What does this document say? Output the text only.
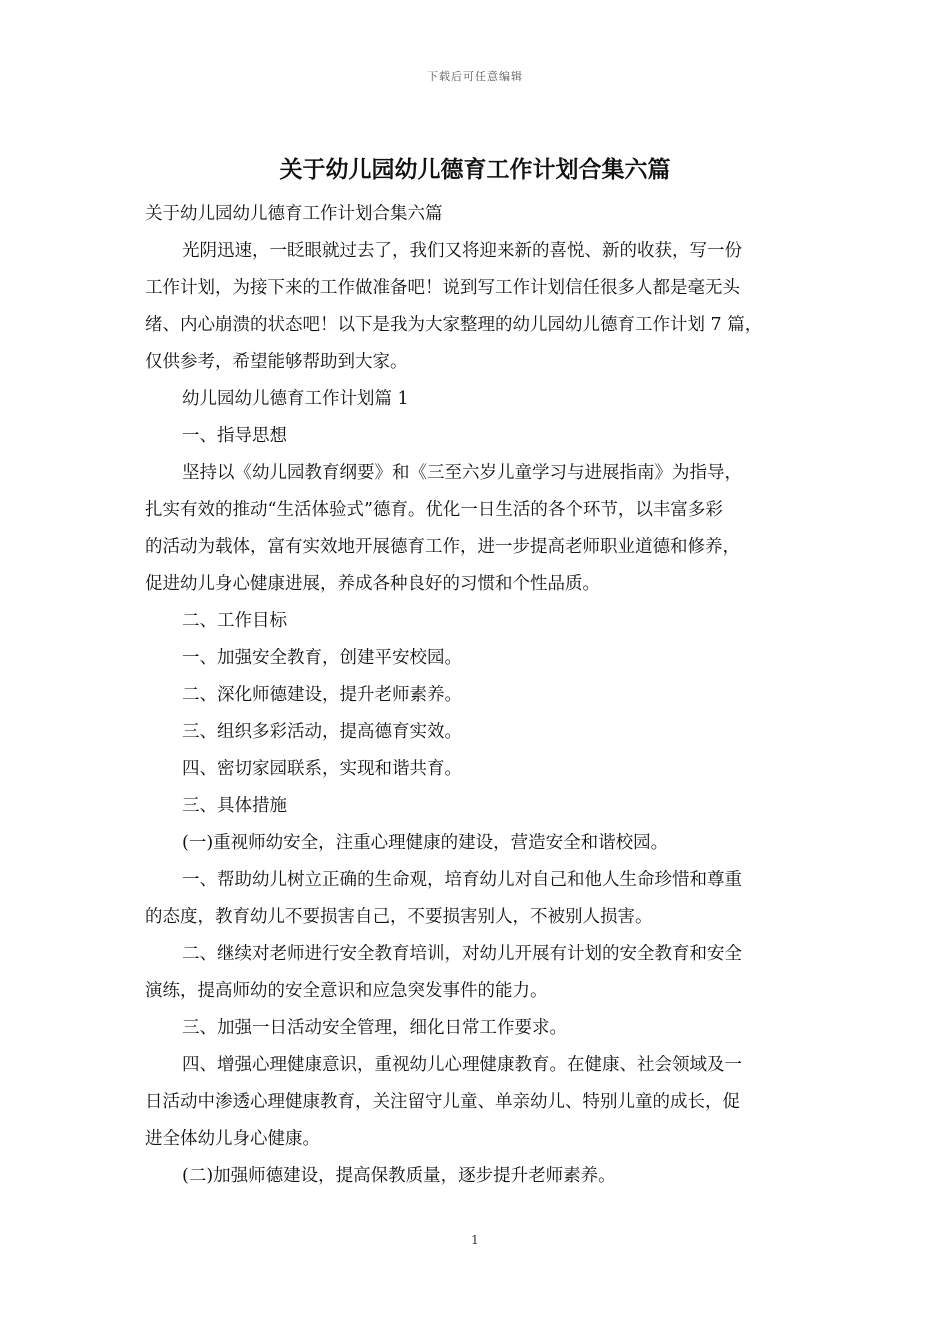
下载后可任意编辑
关于幼儿园幼儿德育工作计划合集六篇

关于幼儿园幼儿德育工作计划合集六篇

光阴迅速，一眨眼就过去了，我们又将迎来新的喜悦、新的收获，写一份

工作计划，为接下来的工作做准备吧！说到写工作计划信任很多人都是毫无头

绪、内心崩溃的状态吧！以下是我为大家整理的幼儿园幼儿德育工作计划 7 篇，

仅供参考，希望能够帮助到大家。

幼儿园幼儿德育工作计划篇 1

一、指导思想

坚持以《幼儿园教育纲要》和《三至六岁儿童学习与进展指南》为指导，

扎实有效的推动“生活体验式”德育。优化一日生活的各个环节，以丰富多彩

的活动为载体，富有实效地开展德育工作，进一步提高老师职业道德和修养，

促进幼儿身心健康进展，养成各种良好的习惯和个性品质。

二、工作目标

一、加强安全教育，创建平安校园。

二、深化师德建设，提升老师素养。

三、组织多彩活动，提高德育实效。

四、密切家园联系，实现和谐共育。

三、具体措施

(一)重视师幼安全，注重心理健康的建设，营造安全和谐校园。

一、帮助幼儿树立正确的生命观，培育幼儿对自己和他人生命珍惜和尊重

的态度，教育幼儿不要损害自己，不要损害别人，不被别人损害。

二、继续对老师进行安全教育培训，对幼儿开展有计划的安全教育和安全

演练，提高师幼的安全意识和应急突发事件的能力。

三、加强一日活动安全管理，细化日常工作要求。

四、增强心理健康意识，重视幼儿心理健康教育。在健康、社会领域及一

日活动中渗透心理健康教育，关注留守儿童、单亲幼儿、特别儿童的成长，促

进全体幼儿身心健康。

(二)加强师德建设，提高保教质量，逐步提升老师素养。

1
